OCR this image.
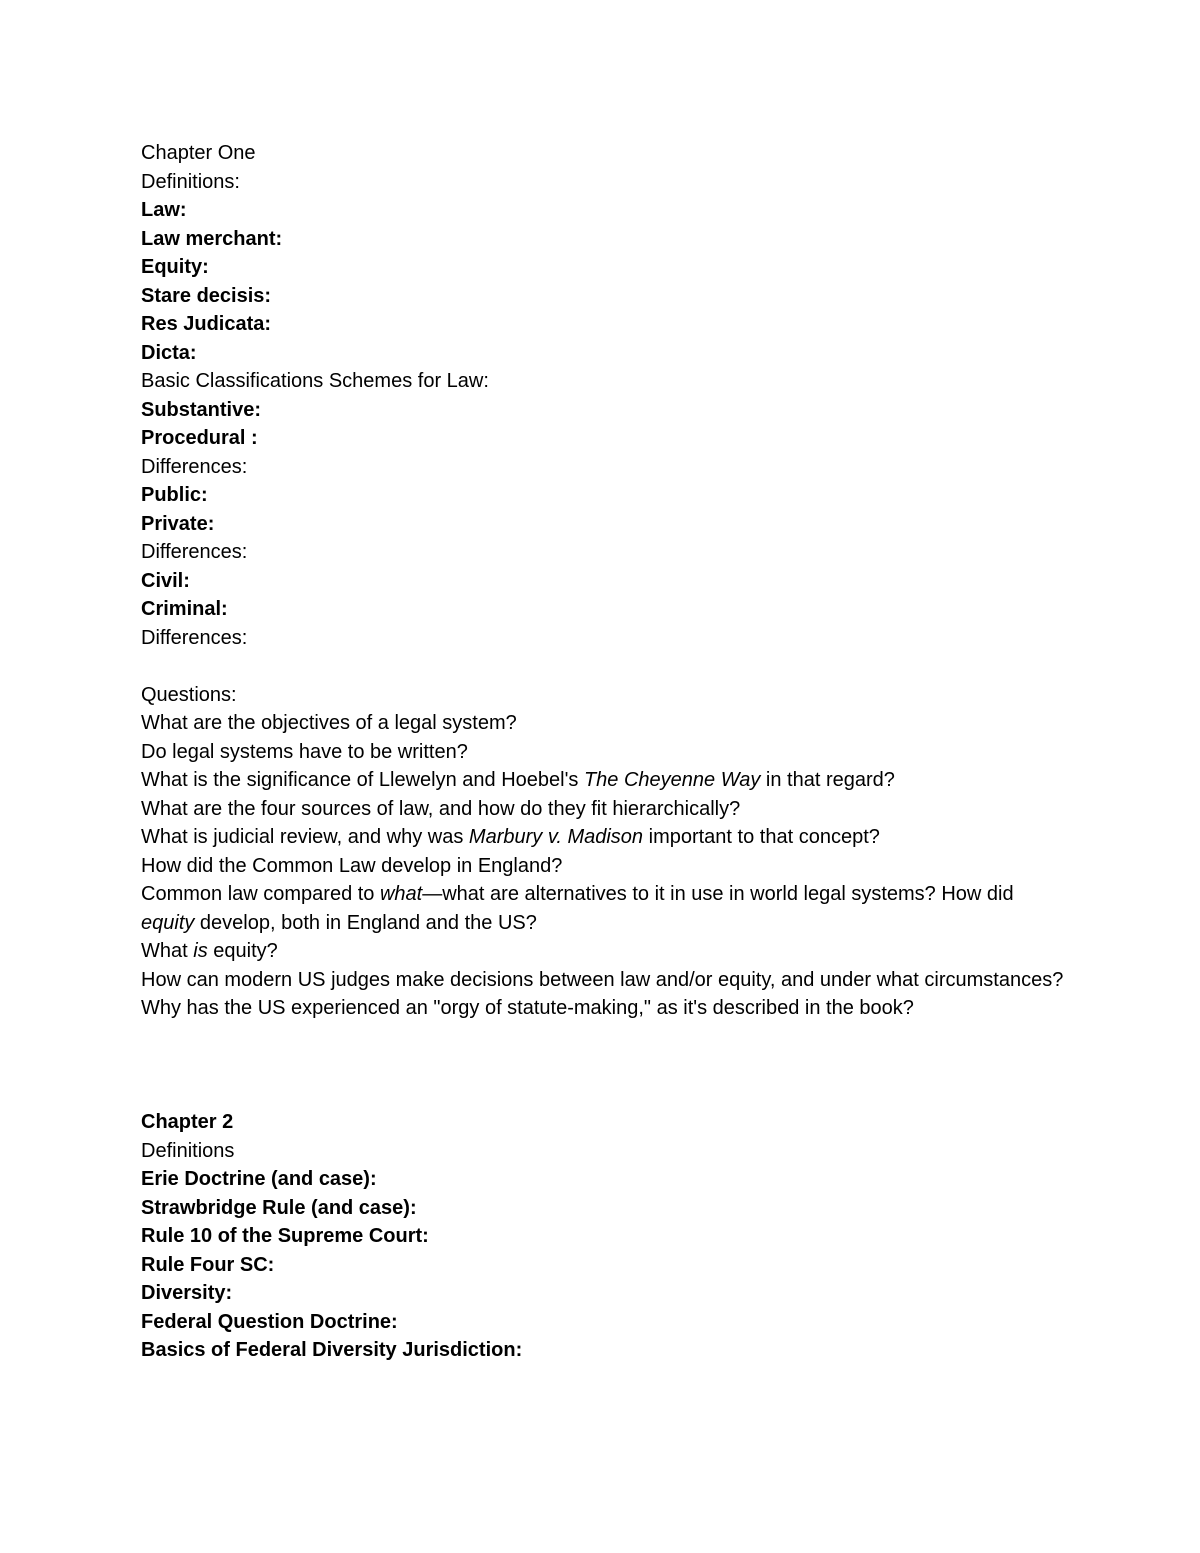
Chapter One
Definitions:
Law:
Law merchant:
Equity:
Stare decisis:
Res Judicata:
Dicta:
Basic Classifications Schemes for Law:
Substantive:
Procedural :
Differences:
Public:
Private:
Differences:
Civil:
Criminal:
Differences:
Questions:
What are the objectives of a legal system?
Do legal systems have to be written?
What is the significance of Llewelyn and Hoebel's The Cheyenne Way in that regard?
What are the four sources of law, and how do they fit hierarchically?
What is judicial review, and why was Marbury v. Madison important to that concept?
How did the Common Law develop in England?
Common law compared to what—what are alternatives to it in use in world legal systems? How did equity develop, both in England and the US?
What is equity?
How can modern US judges make decisions between law and/or equity, and under what circumstances?
Why has the US experienced an "orgy of statute-making," as it's described in the book?
Chapter 2
Definitions
Erie Doctrine (and case):
Strawbridge Rule (and case):
Rule 10 of the Supreme Court:
Rule Four SC:
Diversity:
Federal Question Doctrine:
Basics of Federal Diversity Jurisdiction:
